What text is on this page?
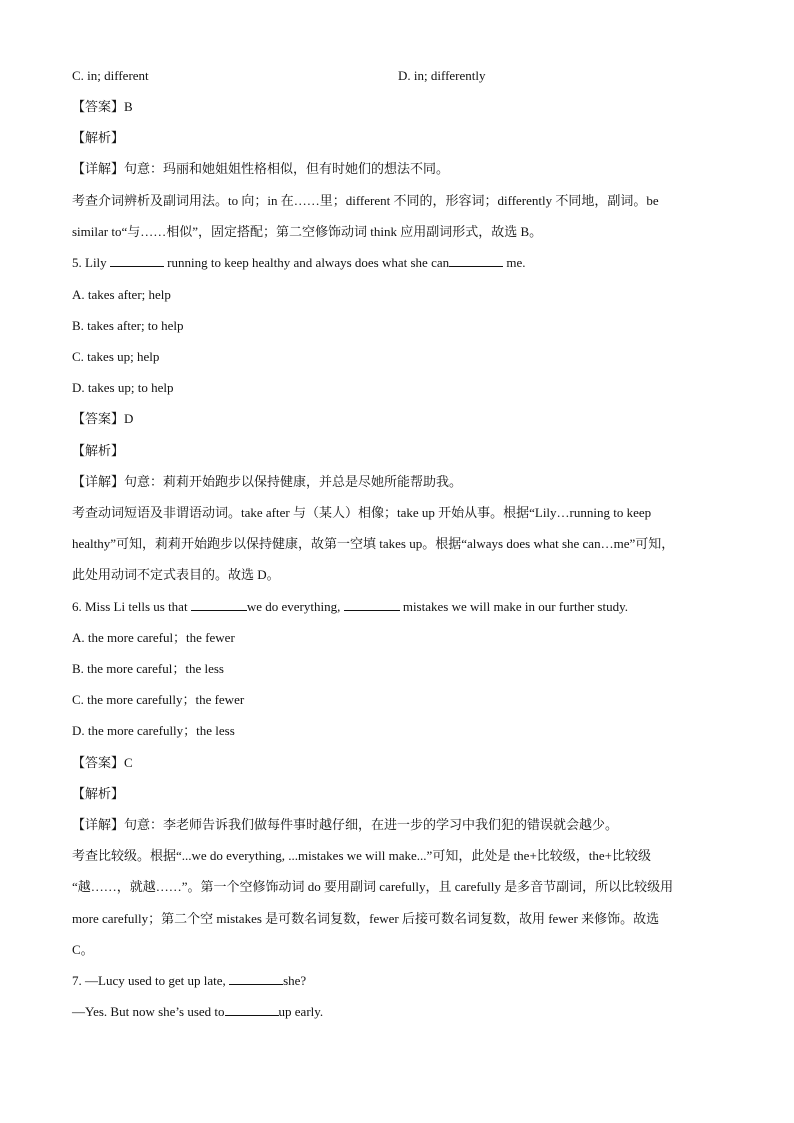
C. in; different	D. in; differently
【答案】B
【解析】
【详解】句意：玛丽和她姐姐性格相似，但有时她们的想法不同。
考查介词辨析及副词用法。to 向；in 在……里；different 不同的，形容词；differently 不同地，副词。be
similar to“与……相似”，固定搭配；第二空修饰动词 think 应用副词形式，故选 B。
5. Lily	running to keep healthy and always does what she can	me.
A. takes after; help
B. takes after; to help
C. takes up; help
D. takes up; to help
【答案】D
【解析】
【详解】句意：莉莉开始跑步以保持健康，并总是尽她所能帮助我。
考查动词短语及非谓语动词。take after 与（某人）相像；take up 开始从事。根据“Lily…running to keep
healthy”可知，莉莉开始跑步以保持健康，故第一空填 takes up。根据“always does what she can…me”可知，
此处用动词不定式表目的。故选 D。
6. Miss Li tells us that	we do everything,	mistakes we will make in our further study.
A. the more careful；the fewer
B. the more careful；the less
C. the more carefully；the fewer
D. the more carefully；the less
【答案】C
【解析】
【详解】句意：李老师告诉我们做每件事时越仔细，在进一步的学习中我们犯的错误就会越少。
考查比较级。根据“...we do everything, ...mistakes we will make...”可知，此处是 the+比较级，the+比较级
“越……，就越……”。第一个空修饰动词 do 要用副词 carefully，且 carefully 是多音节副词，所以比较级用
more carefully；第二个空 mistakes 是可数名词复数，fewer 后接可数名词复数，故用 fewer 来修饰。故选
C。
7. —Lucy used to get up late,	she?
—Yes. But now she’s used to	up early.
